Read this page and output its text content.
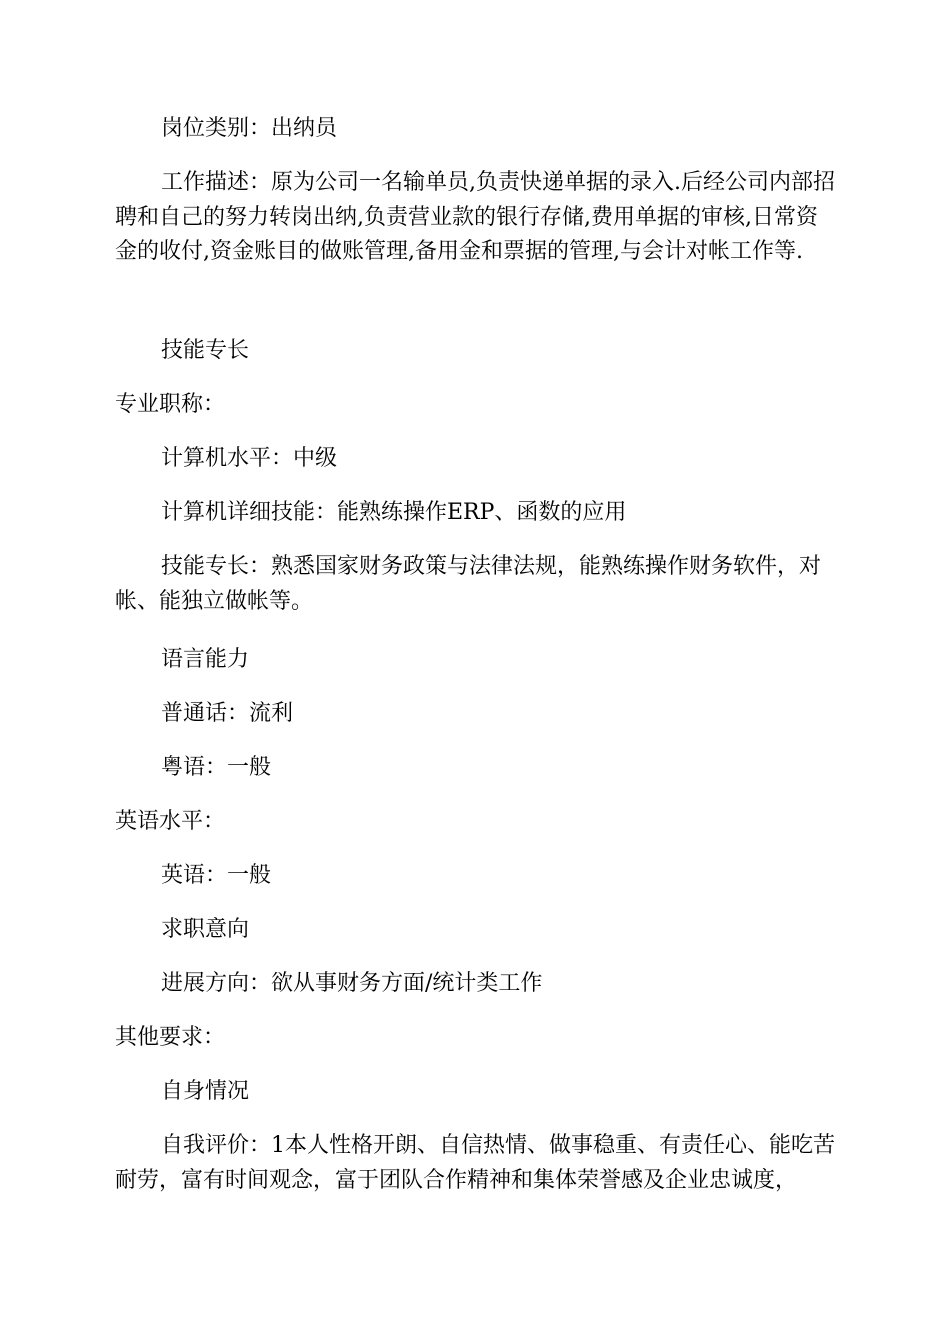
岗位类别：出纳员

工作描述：原为公司一名输单员,负责快递单据的录入.后经公司内部招聘和自己的努力转岗出纳,负责营业款的银行存储,费用单据的审核,日常资金的收付,资金账目的做账管理,备用金和票据的管理,与会计对帐工作等.

技能专长

专业职称：

计算机水平：中级

计算机详细技能：能熟练操作ERP、函数的应用

技能专长：熟悉国家财务政策与法律法规，能熟练操作财务软件，对帐、能独立做帐等。

语言能力

普通话：流利

粤语：一般

英语水平：

英语：一般

求职意向

进展方向：欲从事财务方面/统计类工作

其他要求：

自身情况

自我评价：1本人性格开朗、自信热情、做事稳重、有责任心、能吃苦耐劳，富有时间观念，富于团队合作精神和集体荣誉感及企业忠诚度，
